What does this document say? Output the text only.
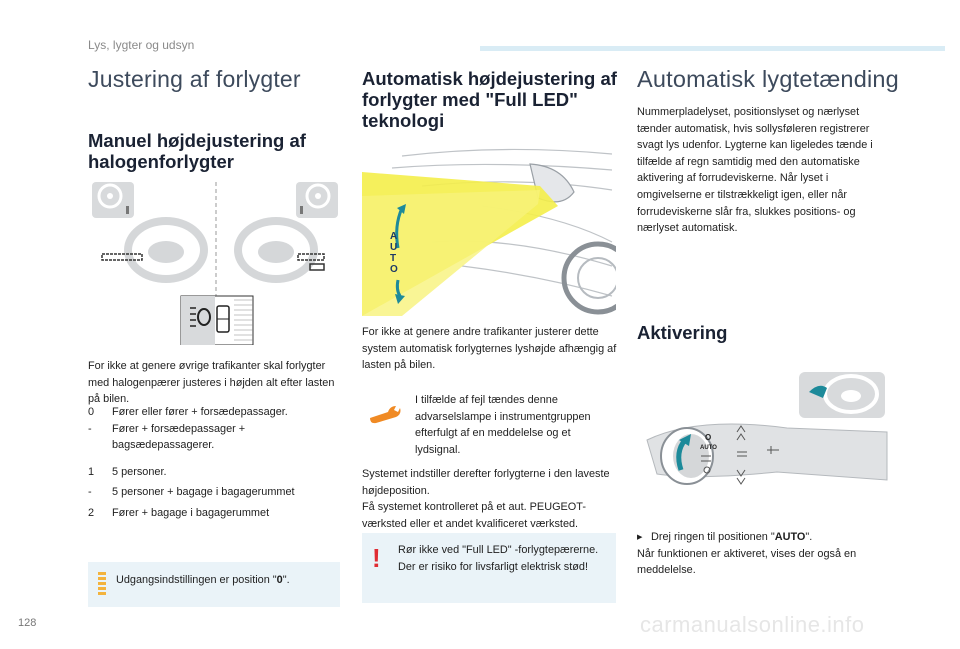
Lys, lygter og udsyn
Justering af forlygter
Manuel højdejustering af halogenforlygter
For ikke at genere øvrige trafikanter skal forlygter med halogenpærer justeres i højden alt efter lasten på bilen.
0	Fører eller fører + forsædepassager.
-	Fører + forsædepassager + bagsædepassagerer.
1	5 personer.
-	5 personer + bagage i bagagerummet
2	Fører + bagage i bagagerummet
Udgangsindstillingen er position "0".
Automatisk højdejustering af forlygter med "Full LED" teknologi
A
U
T
O
For ikke at genere andre trafikanter justerer dette system automatisk forlygternes lyshøjde afhængig af lasten på bilen.
I tilfælde af fejl tændes denne advarselslampe i instrumentgruppen efterfulgt af en meddelelse og et lydsignal.
Systemet indstiller derefter forlygterne i den laveste højdeposition.
Få systemet kontrolleret på et aut. PEUGEOT-værksted eller et andet kvalificeret værksted.
!	Rør ikke ved "Full LED" -forlygtepærerne. Der er risiko for livsfarligt elektrisk stød!
Automatisk lygtetænding
Nummerpladelyset, positionslyset og nærlyset tænder automatisk, hvis sollysføleren registrerer svagt lys udenfor. Lygterne kan ligeledes tænde i tilfælde af regn samtidig med den automatiske aktivering af forrudeviskerne. Når lyset i omgivelserne er tilstrækkeligt igen, eller når forrudeviskerne slår fra, slukkes positions- og nærlyset automatisk.
Aktivering
O
AUTO
▸ Drej ringen til positionen "AUTO".
Når funktionen er aktiveret, vises der også en meddelelse.
128	carmanualsonline.info
